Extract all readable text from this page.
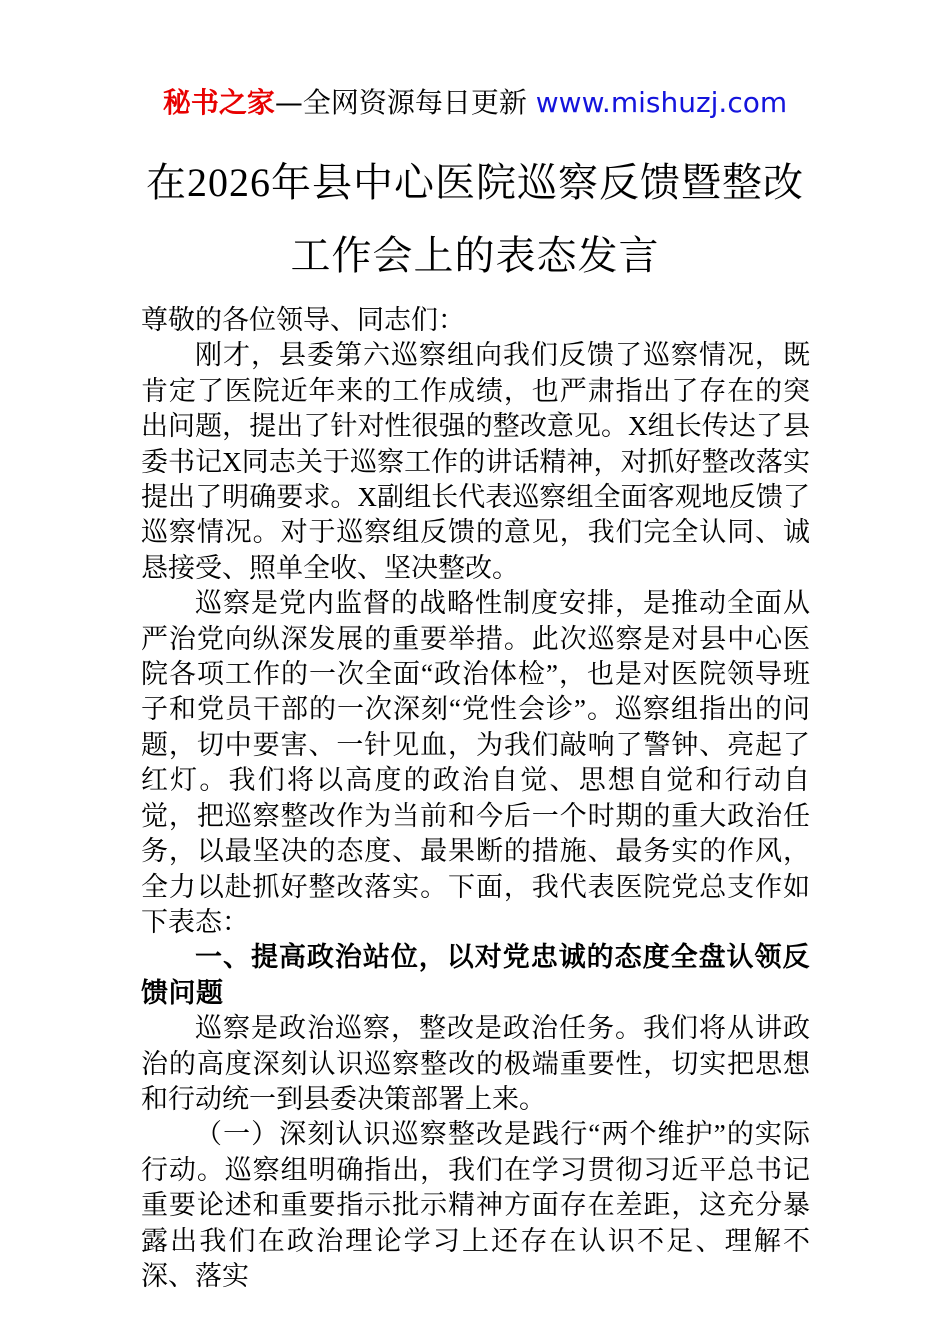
秘书之家—全网资源每日更新 www.mishuzj.com
在2026年县中心医院巡察反馈暨整改
工作会上的表态发言

尊敬的各位领导、同志们：

刚才，县委第六巡察组向我们反馈了巡察情况，既肯定了医院近年来的工作成绩，也严肃指出了存在的突出问题，提出了针对性很强的整改意见。X组长传达了县委书记X同志关于巡察工作的讲话精神，对抓好整改落实提出了明确要求。X副组长代表巡察组全面客观地反馈了巡察情况。对于巡察组反馈的意见，我们完全认同、诚恳接受、照单全收、坚决整改。

巡察是党内监督的战略性制度安排，是推动全面从严治党向纵深发展的重要举措。此次巡察是对县中心医院各项工作的一次全面“政治体检”，也是对医院领导班子和党员干部的一次深刻“党性会诊”。巡察组指出的问题，切中要害、一针见血，为我们敲响了警钟、亮起了红灯。我们将以高度的政治自觉、思想自觉和行动自觉，把巡察整改作为当前和今后一个时期的重大政治任务，以最坚决的态度、最果断的措施、最务实的作风，全力以赴抓好整改落实。下面，我代表医院党总支作如下表态：

一、提高政治站位，以对党忠诚的态度全盘认领反馈问题

巡察是政治巡察，整改是政治任务。我们将从讲政治的高度深刻认识巡察整改的极端重要性，切实把思想和行动统一到县委决策部署上来。

（一）深刻认识巡察整改是践行“两个维护”的实际行动。巡察组明确指出，我们在学习贯彻习近平总书记重要论述和重要指示批示精神方面存在差距，这充分暴露出我们在政治理论学习上还存在认识不足、理解不深、落实
